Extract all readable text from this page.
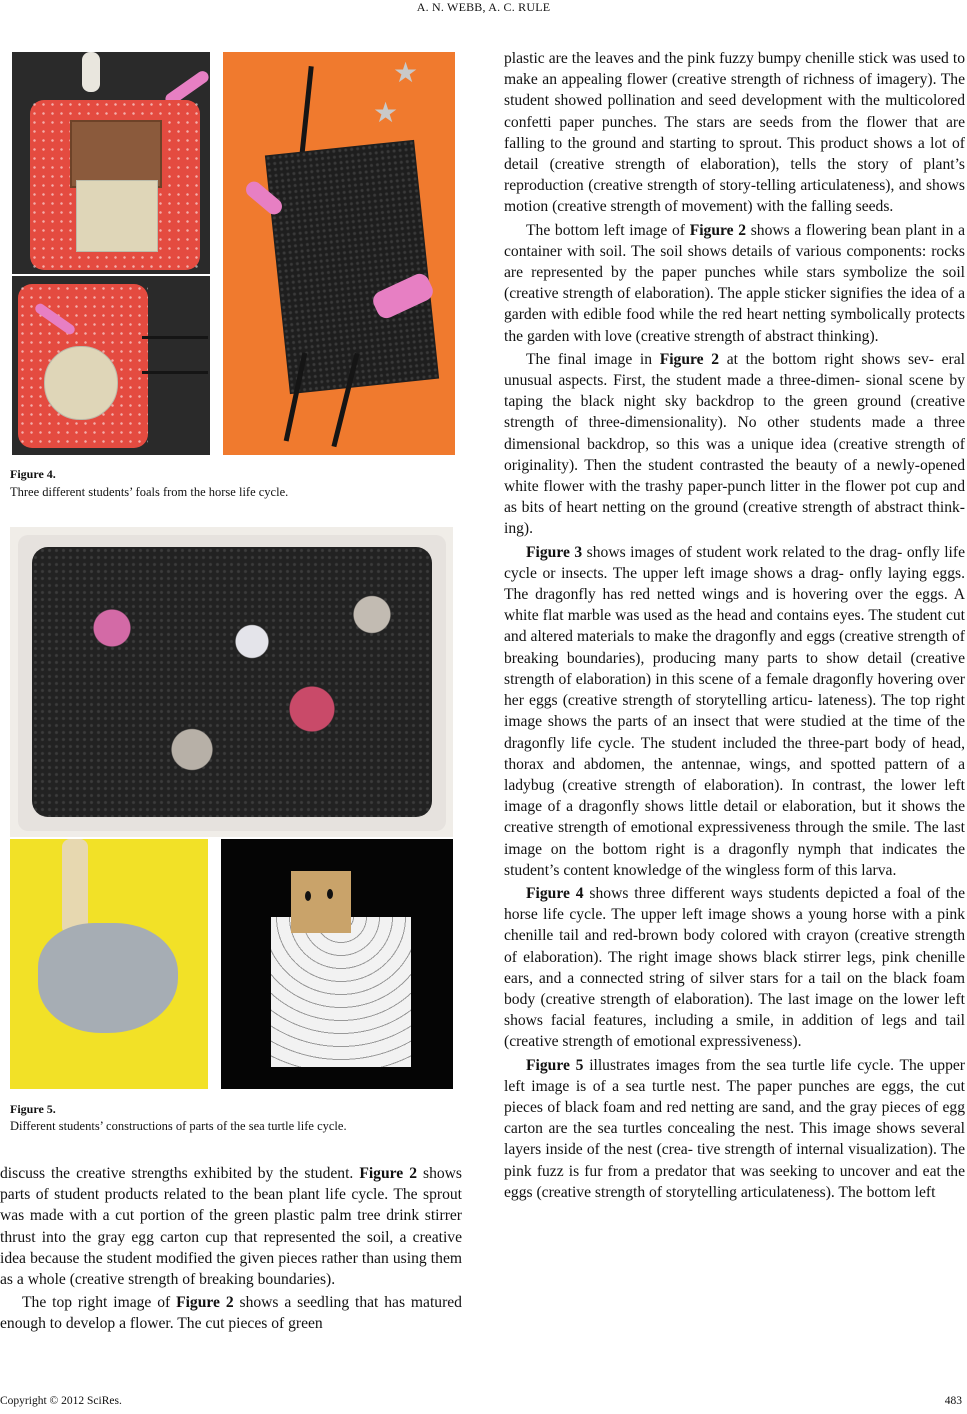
A. N. WEBB, A. C. RULE
★
★
Figure 4.
Three different students’ foals from the horse life cycle.
Figure 5.
Different students’ constructions of parts of the sea turtle life cycle.

discuss the creative strengths exhibited by the student. Figure 2 shows parts of student products related to the bean plant life cycle. The sprout was made with a cut portion of the green plastic palm tree drink stirrer thrust into the gray egg carton cup that represented the soil, a creative idea because the student modified the given pieces rather than using them as a whole (creative strength of breaking boundaries).

The top right image of Figure 2 shows a seedling that has matured enough to develop a flower. The cut pieces of green

plastic are the leaves and the pink fuzzy bumpy chenille stick was used to make an appealing flower (creative strength of richness of imagery). The student showed pollination and seed development with the multicolored confetti paper punches. The stars are seeds from the flower that are falling to the ground and starting to sprout. This product shows a lot of detail (creative strength of elaboration), tells the story of plant’s reproduction (creative strength of story-telling articulateness), and shows motion (creative strength of movement) with the falling seeds.

The bottom left image of Figure 2 shows a flowering bean plant in a container with soil. The soil shows details of various components: rocks are represented by the paper punches while stars symbolize the soil (creative strength of elaboration). The apple sticker signifies the idea of a garden with edible food while the red heart netting symbolically protects the garden with love (creative strength of abstract thinking).

The final image in Figure 2 at the bottom right shows sev- eral unusual aspects. First, the student made a three-dimen- sional scene by taping the black night sky backdrop to the green ground (creative strength of three-dimensionality). No other students made a three dimensional backdrop, so this was a unique idea (creative strength of originality). Then the student contrasted the beauty of a newly-opened white flower with the trashy paper-punch litter in the flower pot cup and as bits of heart netting on the ground (creative strength of abstract think- ing).

Figure 3 shows images of student work related to the drag- onfly life cycle or insects. The upper left image shows a drag- onfly laying eggs. The dragonfly has red netted wings and is hovering over the eggs. A white flat marble was used as the head and contains eyes. The student cut and altered materials to make the dragonfly and eggs (creative strength of breaking boundaries), producing many parts to show detail (creative strength of elaboration) in this scene of a female dragonfly hovering over her eggs (creative strength of storytelling articu- lateness). The top right image shows the parts of an insect that were studied at the time of the dragonfly life cycle. The student included the three-part body of head, thorax and abdomen, the antennae, wings, and spotted pattern of a ladybug (creative strength of elaboration). In contrast, the lower left image of a dragonfly shows little detail or elaboration, but it shows the creative strength of emotional expressiveness through the smile. The last image on the bottom right is a dragonfly nymph that indicates the student’s content knowledge of the wingless form of this larva.

Figure 4 shows three different ways students depicted a foal of the horse life cycle. The upper left image shows a young horse with a pink chenille tail and red-brown body colored with crayon (creative strength of elaboration). The right image shows black stirrer legs, pink chenille ears, and a connected string of silver stars for a tail on the black foam body (creative strength of elaboration). The last image on the lower left shows facial features, including a smile, in addition of legs and tail (creative strength of emotional expressiveness).

Figure 5 illustrates images from the sea turtle life cycle. The upper left image is of a sea turtle nest. The paper punches are eggs, the cut pieces of black foam and red netting are sand, and the gray pieces of egg carton are the sea turtles concealing the nest. This image shows several layers inside of the nest (crea- tive strength of internal visualization). The pink fuzz is fur from a predator that was seeking to uncover and eat the eggs (creative strength of storytelling articulateness). The bottom left

Copyright © 2012 SciRes.	483
